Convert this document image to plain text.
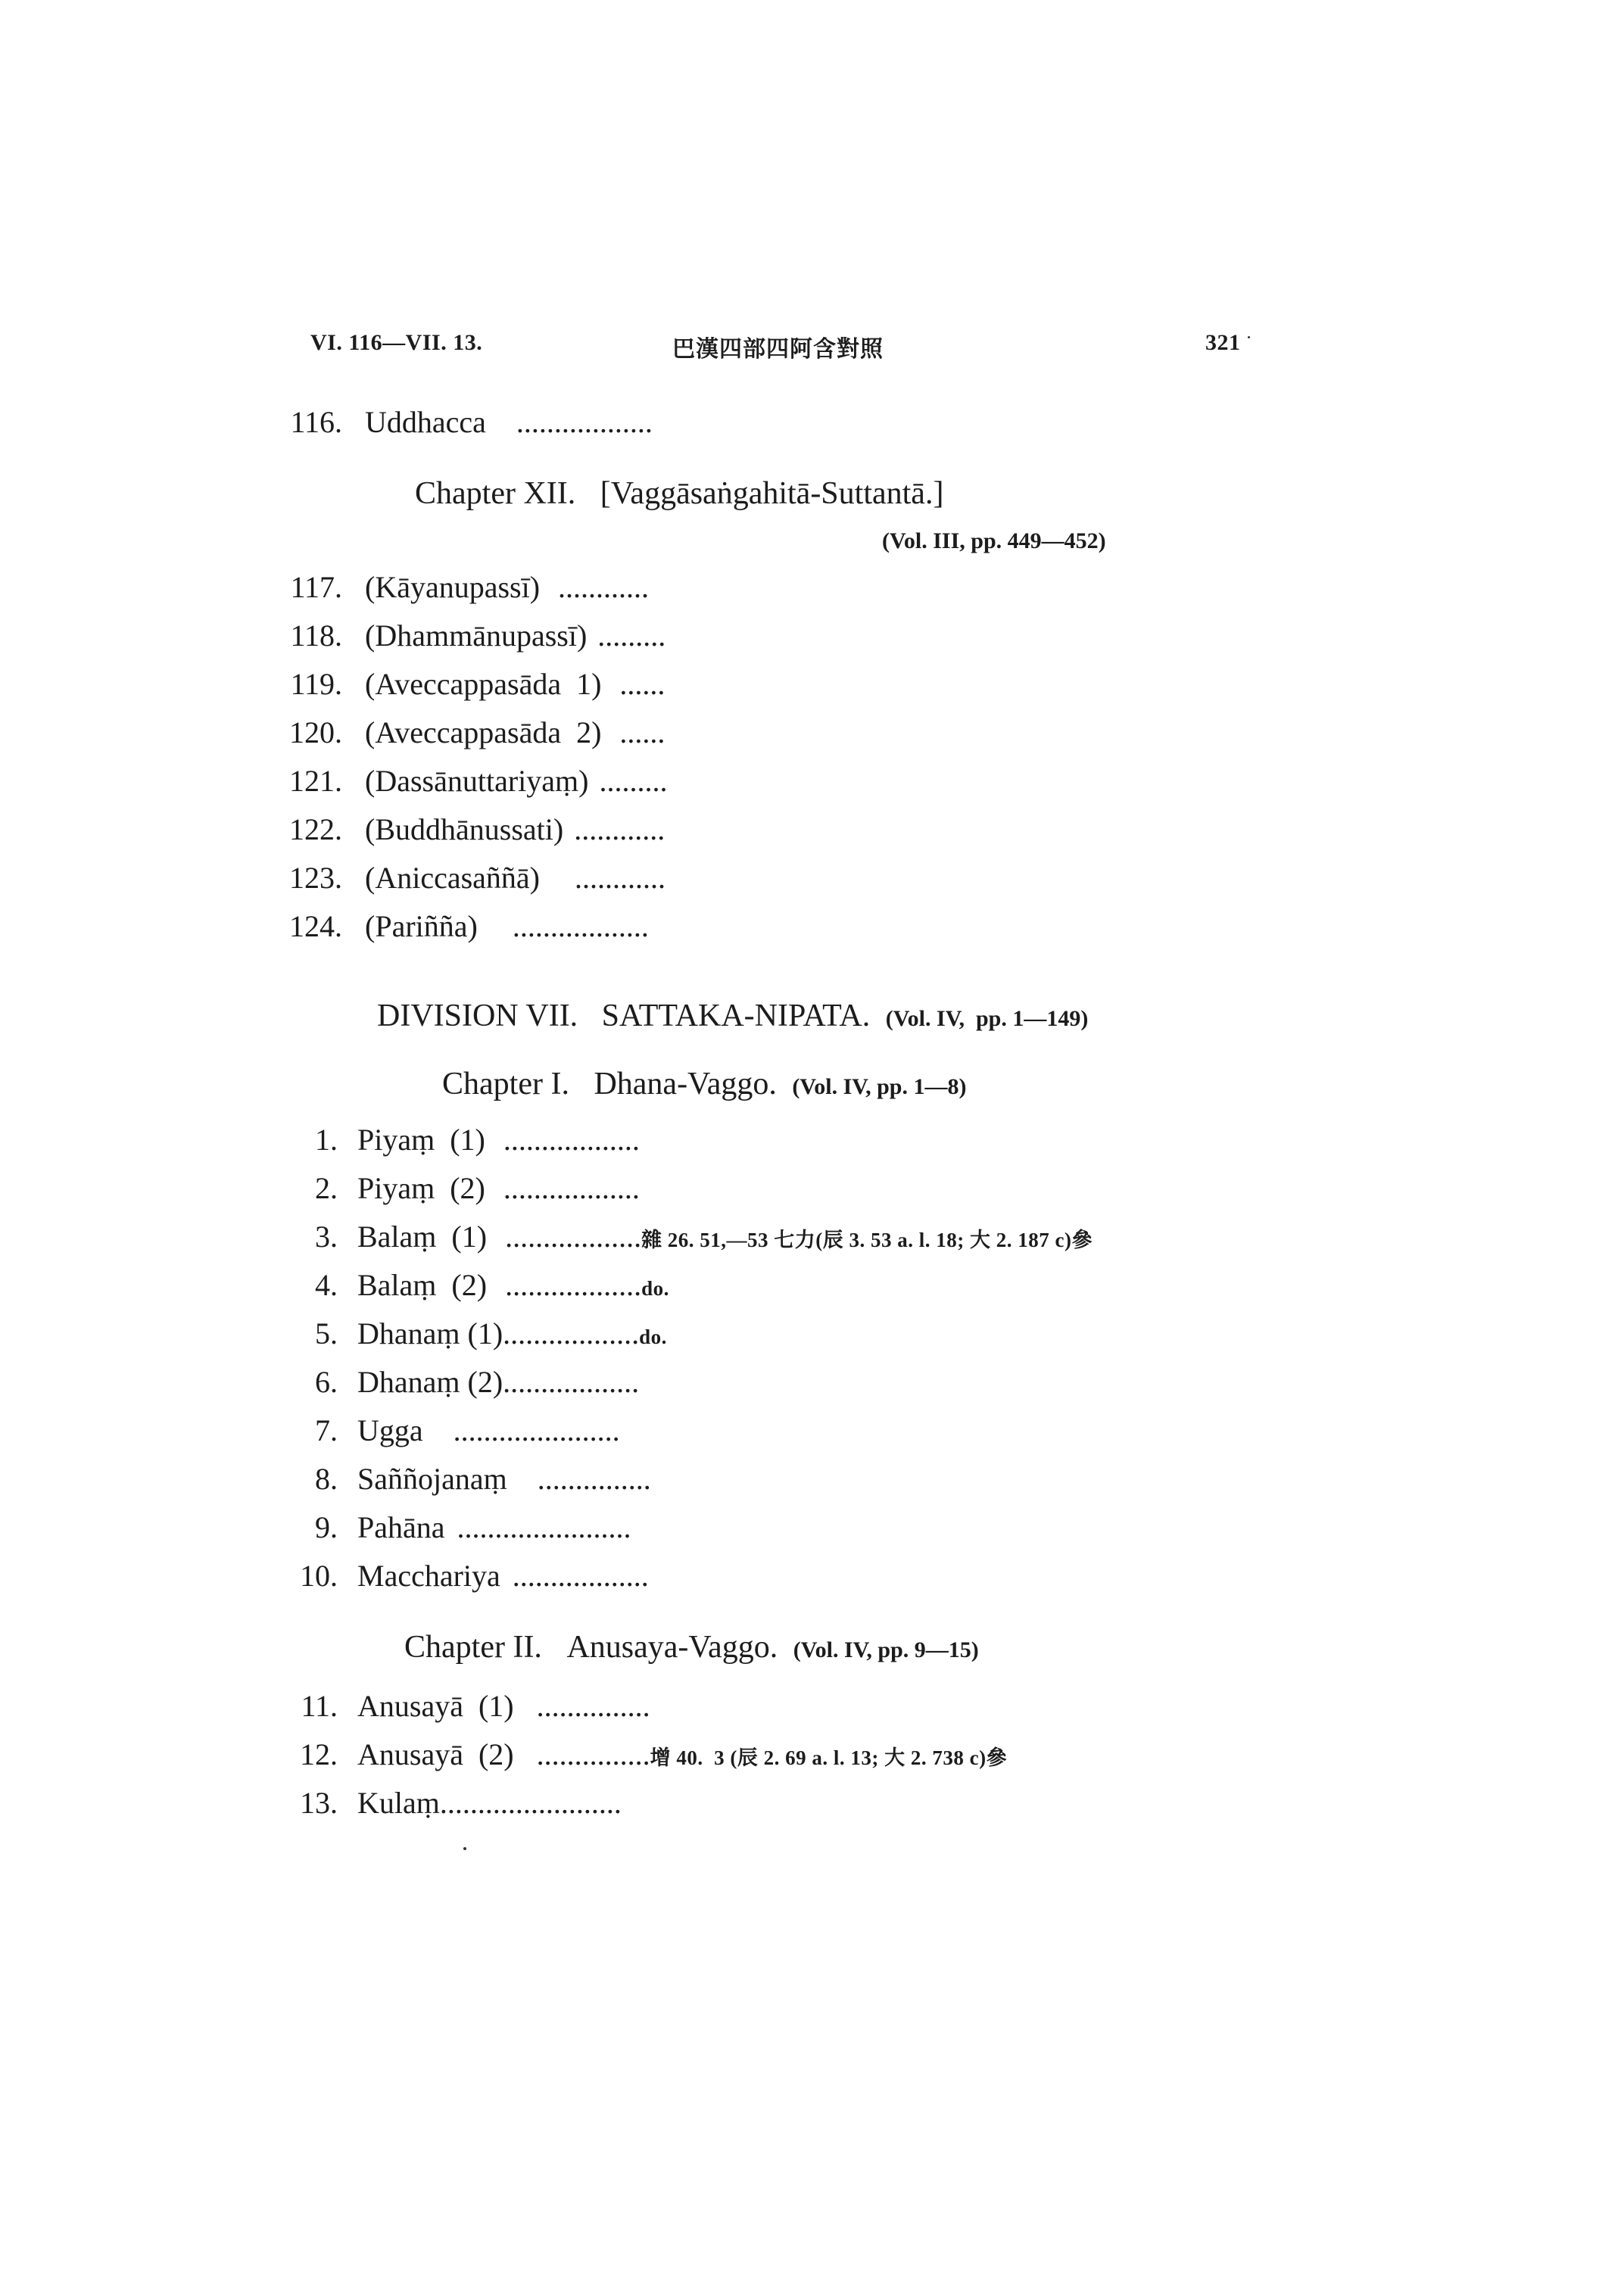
VI. 116—VII. 13.	巴漢四部四阿含對照	321
116. Uddhacca ..................
Chapter XII. [Vaggāsaṅgahitā-Suttantā.]
(Vol. III, pp. 449—452)
117. (Kāyanupassī) ............
118. (Dhammānupassī) .........
119. (Aveccappasāda  1) ......
120. (Aveccappasāda  2) ......
121. (Dassānuttariyaṃ) .........
122. (Buddhānussati) ............
123. (Aniccasaññā) ............
124. (Pariñña) ..................
DIVISION VII.   SATTAKA-NIPATA. (Vol. IV,  pp. 1—149)
Chapter I. Dhana-Vaggo. (Vol. IV, pp. 1—8)
1. Piyaṃ  (1) ..................
2. Piyaṃ  (2) ..................
3. Balaṃ  (1) ..................雜 26. 51,—53 七力(辰 3. 53 a. l. 18; 大 2. 187 c)參
4. Balaṃ  (2) ..................do.
5. Dhanaṃ (1)..................do.
6. Dhanaṃ (2)..................
7. Ugga ......................
8. Saññojanaṃ ...............
9. Pahāna .......................
10. Macchariya ..................
Chapter II. Anusaya-Vaggo. (Vol. IV, pp. 9—15)
11. Anusayā  (1) ...............
12. Anusayā  (2) ...............增 40.  3 (辰 2. 69 a. l. 13; 大 2. 738 c)參
13. Kulaṃ........................
